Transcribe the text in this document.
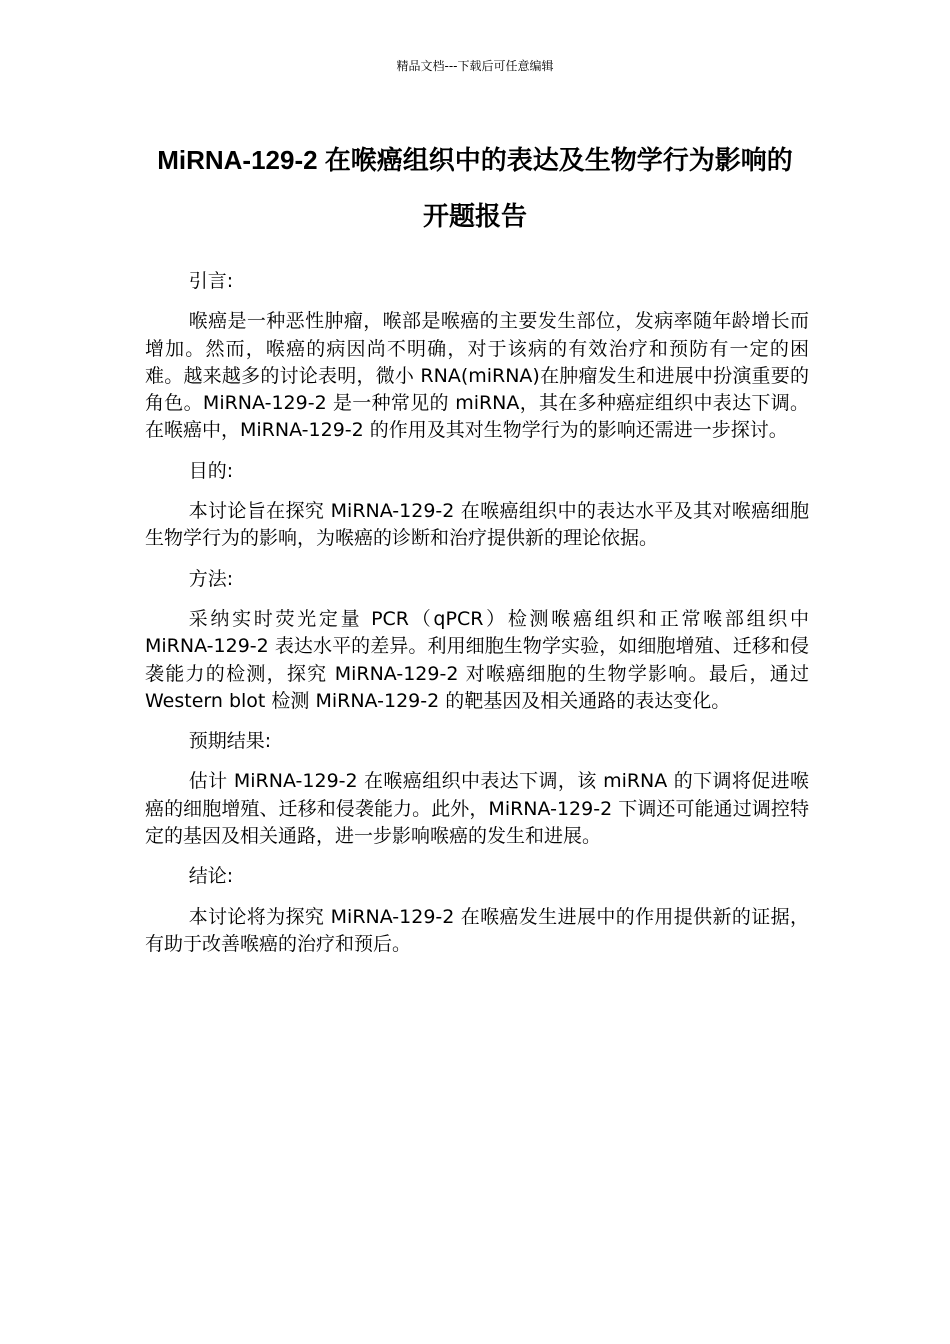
精品文档---下载后可任意编辑
MiRNA-129-2 在喉癌组织中的表达及生物学行为影响的开题报告

引言:

喉癌是一种恶性肿瘤，喉部是喉癌的主要发生部位，发病率随年龄增长而增加。然而，喉癌的病因尚不明确，对于该病的有效治疗和预防有一定的困难。越来越多的讨论表明，微小 RNA(miRNA)在肿瘤发生和进展中扮演重要的角色。MiRNA-129-2 是一种常见的 miRNA，其在多种癌症组织中表达下调。在喉癌中，MiRNA-129-2 的作用及其对生物学行为的影响还需进一步探讨。

目的:

本讨论旨在探究 MiRNA-129-2 在喉癌组织中的表达水平及其对喉癌细胞生物学行为的影响，为喉癌的诊断和治疗提供新的理论依据。

方法:

采纳实时荧光定量 PCR（qPCR）检测喉癌组织和正常喉部组织中 MiRNA-129-2 表达水平的差异。利用细胞生物学实验，如细胞增殖、迁移和侵袭能力的检测，探究 MiRNA-129-2 对喉癌细胞的生物学影响。最后，通过 Western blot 检测 MiRNA-129-2 的靶基因及相关通路的表达变化。

预期结果:

估计 MiRNA-129-2 在喉癌组织中表达下调，该 miRNA 的下调将促进喉癌的细胞增殖、迁移和侵袭能力。此外，MiRNA-129-2 下调还可能通过调控特定的基因及相关通路，进一步影响喉癌的发生和进展。

结论:

本讨论将为探究 MiRNA-129-2 在喉癌发生进展中的作用提供新的证据，有助于改善喉癌的治疗和预后。
